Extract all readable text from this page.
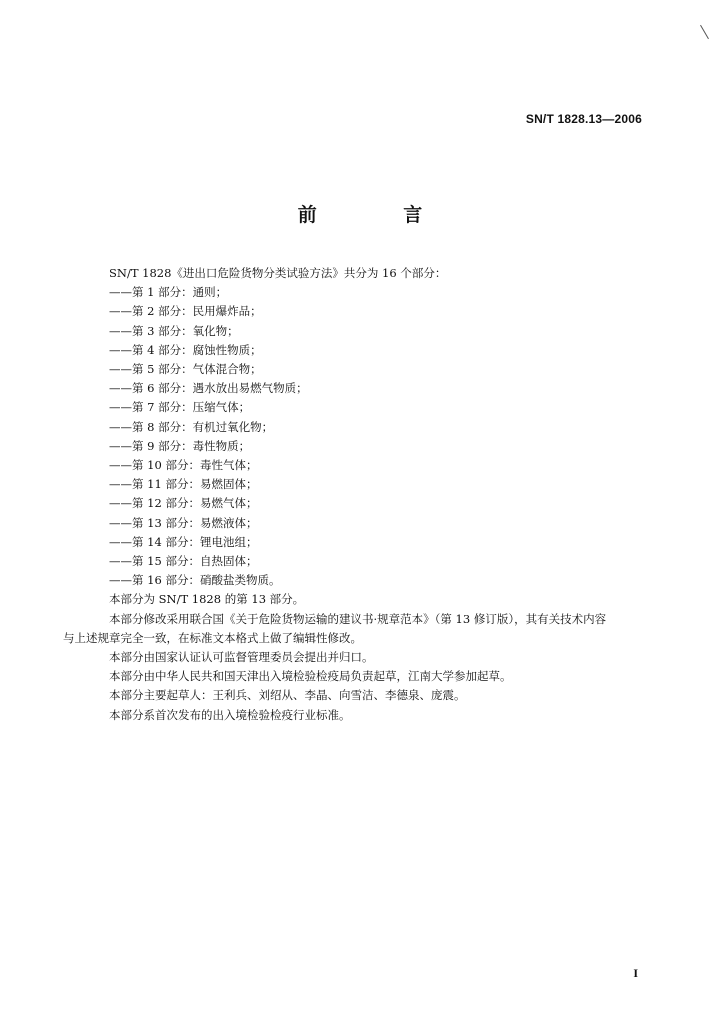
SN/T 1828.13—2006
前 言

SN/T 1828《进出口危险货物分类试验方法》共分为 16 个部分：

——第 1 部分：通则；

——第 2 部分：民用爆炸品；

——第 3 部分：氧化物；

——第 4 部分：腐蚀性物质；

——第 5 部分：气体混合物；

——第 6 部分：遇水放出易燃气物质；

——第 7 部分：压缩气体；

——第 8 部分：有机过氧化物；

——第 9 部分：毒性物质；

——第 10 部分：毒性气体；

——第 11 部分：易燃固体；

——第 12 部分：易燃气体；

——第 13 部分：易燃液体；

——第 14 部分：锂电池组；

——第 15 部分：自热固体；

——第 16 部分：硝酸盐类物质。

本部分为 SN/T 1828 的第 13 部分。

本部分修改采用联合国《关于危险货物运输的建议书·规章范本》（第 13 修订版），其有关技术内容
与上述规章完全一致，在标准文本格式上做了编辑性修改。

本部分由国家认证认可监督管理委员会提出并归口。

本部分由中华人民共和国天津出入境检验检疫局负责起草，江南大学参加起草。

本部分主要起草人：王利兵、刘绍从、李晶、向雪洁、李德泉、庞震。

本部分系首次发布的出入境检验检疫行业标准。

I
